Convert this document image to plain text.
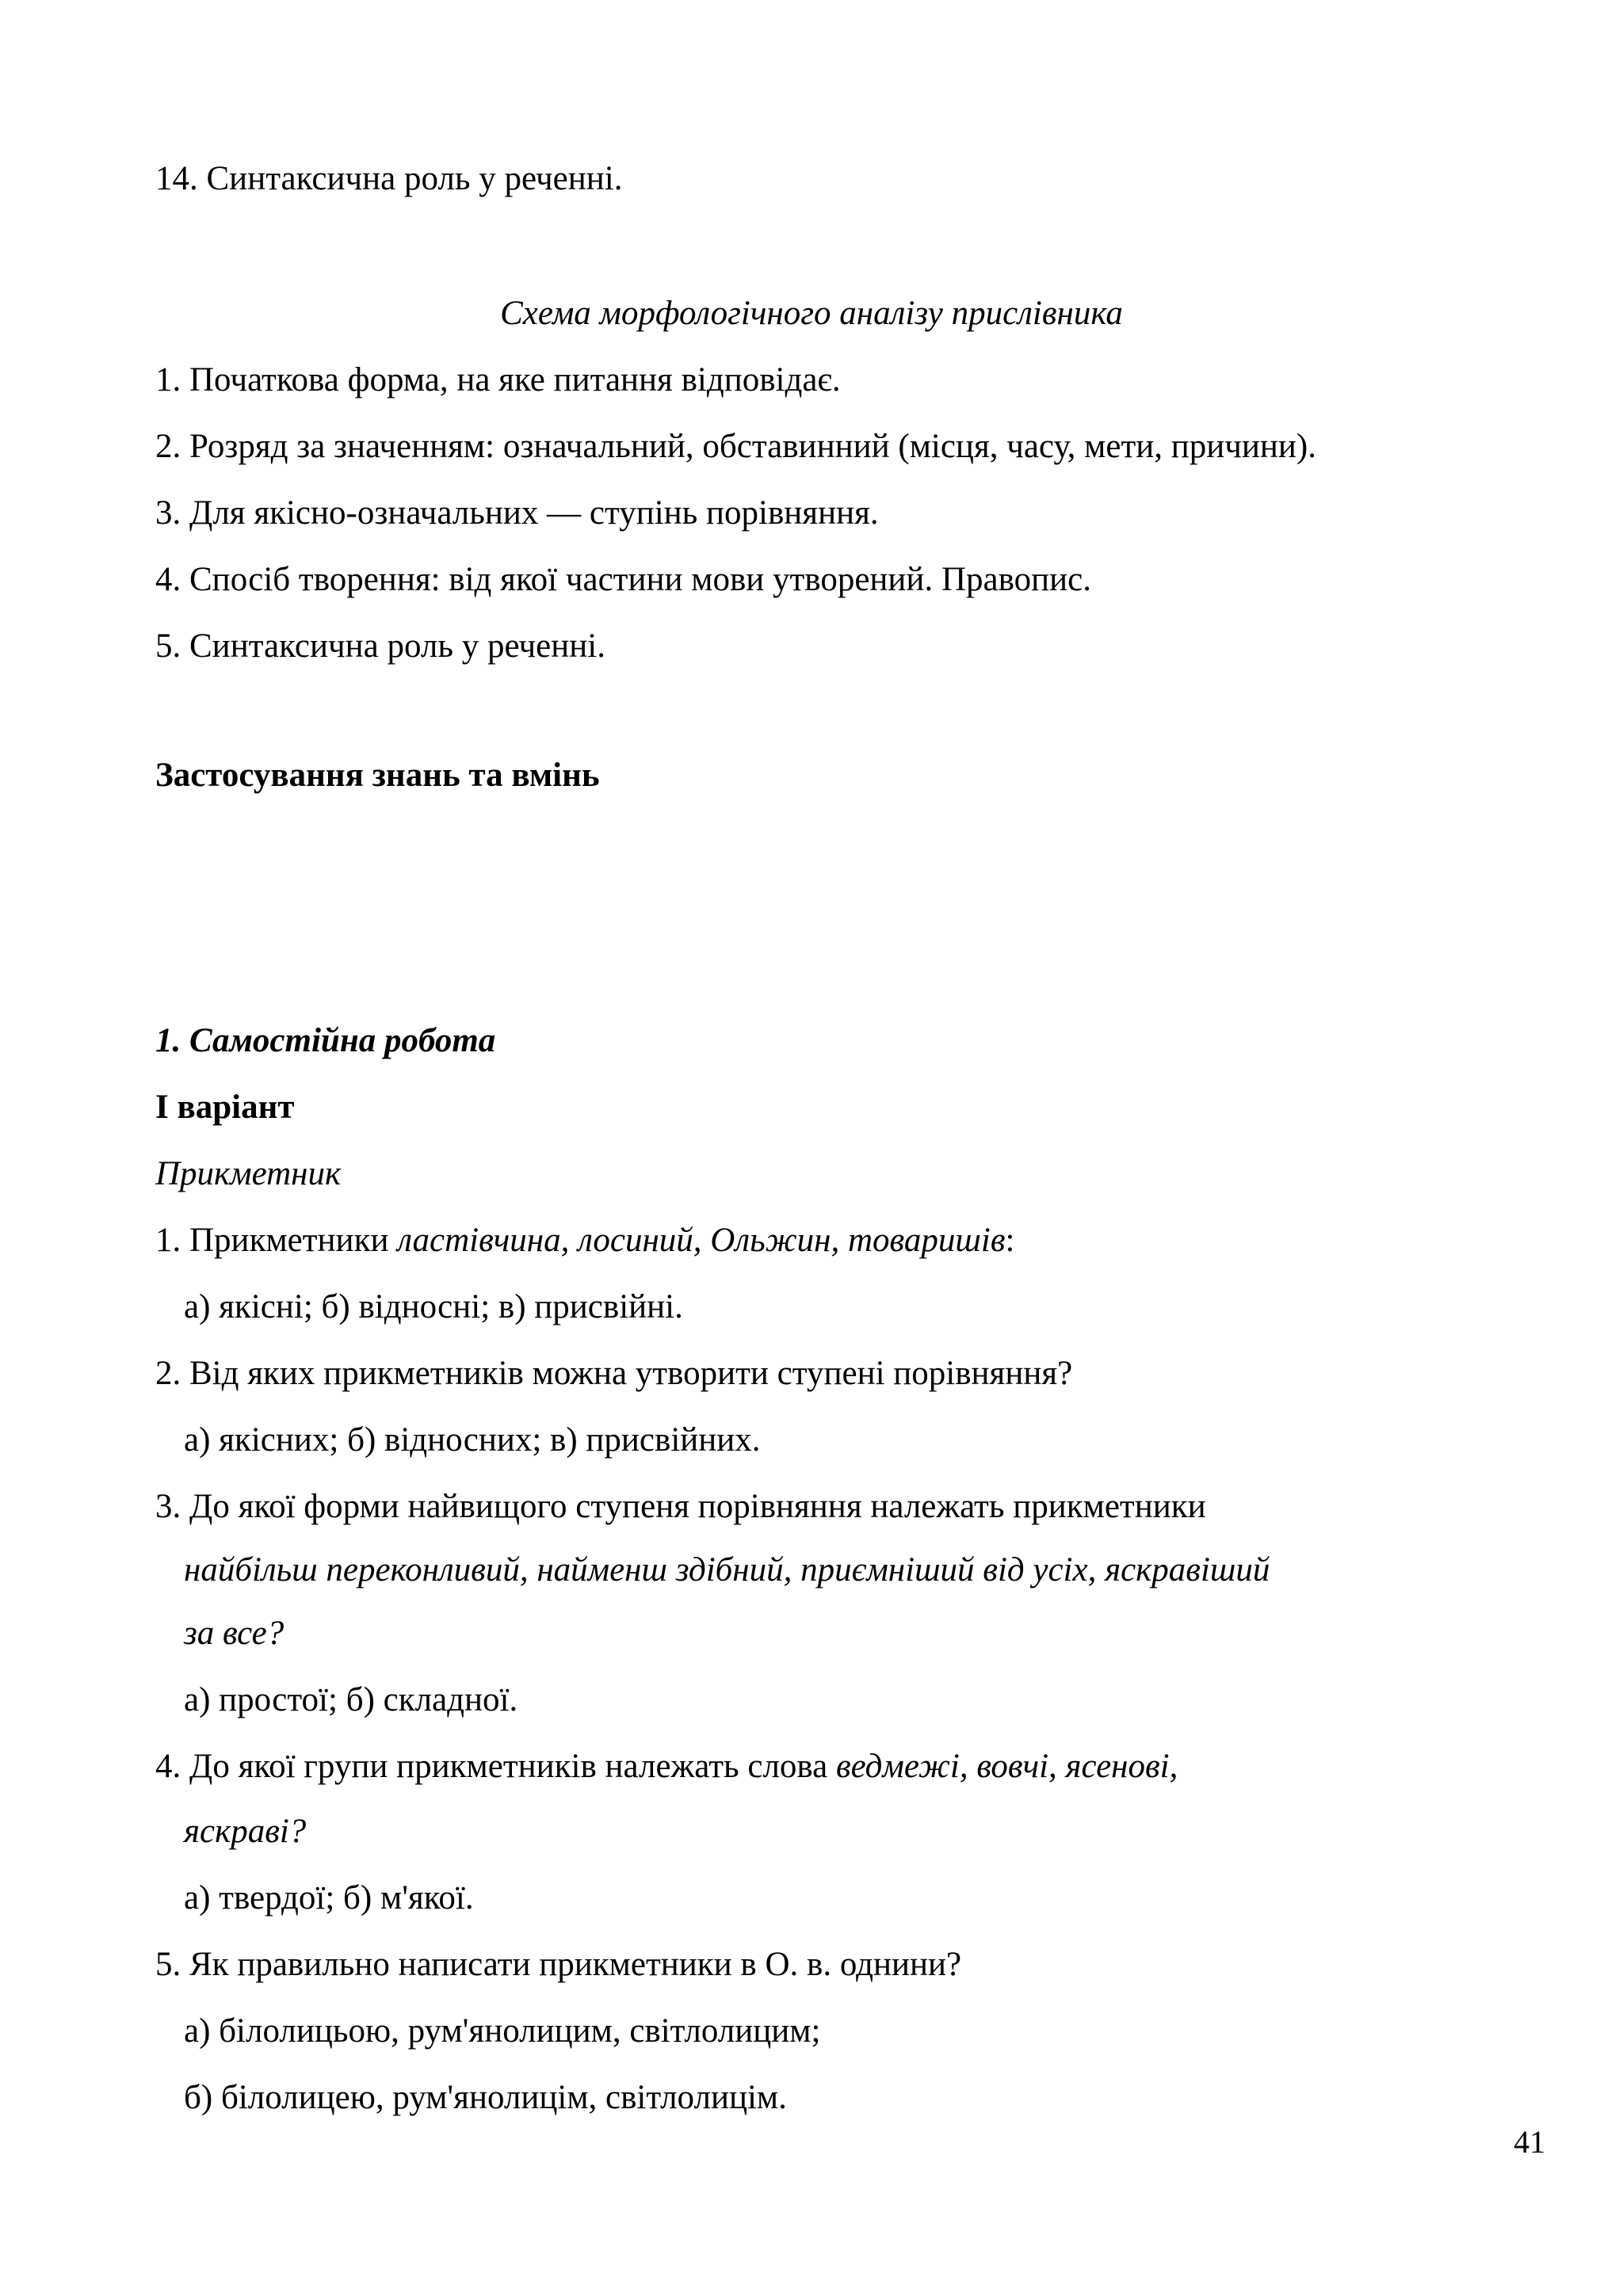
14. Синтаксична роль у реченні.
Схема морфологічного аналізу прислівника
1. Початкова форма, на яке питання відповідає.
2. Розряд за значенням: означальний, обставинний (місця, часу, мети, причини).
3. Для якісно-означальних — ступінь порівняння.
4. Спосіб творення: від якої частини мови утворений. Правопис.
5. Синтаксична роль у реченні.
Застосування знань та вмінь
1. Самостійна робота
I варіант
Прикметник
1. Прикметники ластівчина, лосиний, Ольжин, товаришів:
а) якісні; б) відносні; в) присвійні.
2. Від яких прикметників можна утворити ступені порівняння?
а) якісних; б) відносних; в) присвійних.
3. До якої форми найвищого ступеня порівняння належать прикметники
найбільш переконливий, найменш здібний, приємніший від усіх, яскравіший
за все?
а) простої; б) складної.
4. До якої групи прикметників належать слова ведмежі, вовчі, ясенові,
яскраві?
а) твердої; б) м'якої.
5. Як правильно написати прикметники в О. в. однини?
а) білолицьою, рум'янолицим, світлолицим;
б) білолицею, рум'янолицім, світлолицім.
41
